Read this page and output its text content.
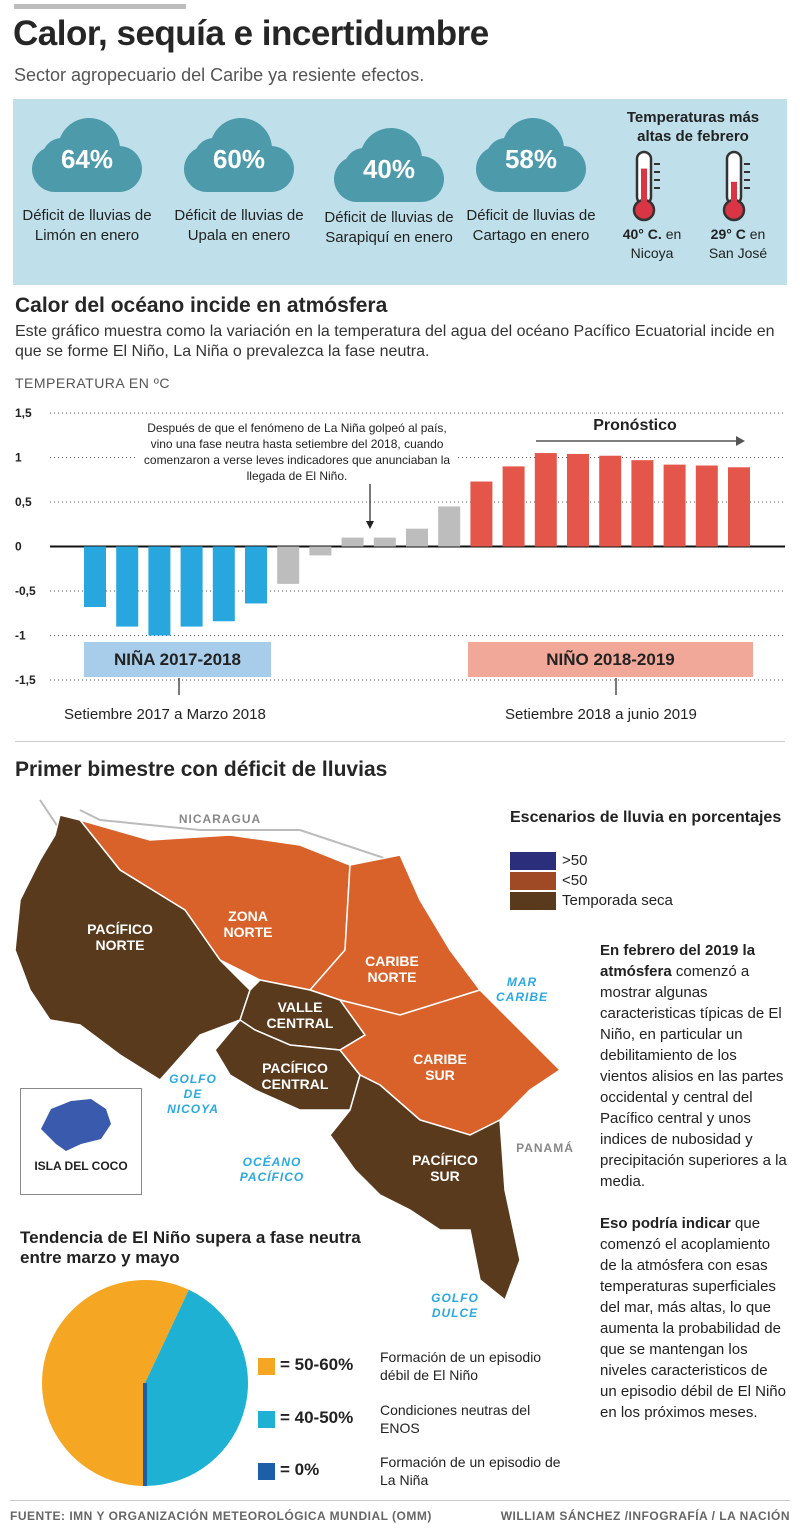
Calor, sequía e incertidumbre
Sector agropecuario del Caribe ya resiente efectos.
64%
Déficit de lluvias de Limón en enero
60%
Déficit de lluvias de Upala en enero
40%
Déficit de lluvias de Sarapiquí en enero
58%
Déficit de lluvias de Cartago en enero
Temperaturas más altas de febrero
40° C. en Nicoya
29° C en San José
Calor del océano incide en atmósfera
Este gráfico muestra como la variación en la temperatura del agua del océano Pacífico Ecuatorial incide en que se forme El Niño, La Niña o prevalezca la fase neutra.
TEMPERATURA EN ºC
1,5
1
0,5
0
-0,5
-1
-1,5
Después de que el fenómeno de La Niña golpeó al país, vino una fase neutra hasta setiembre del 2018, cuando comenzaron a verse leves indicadores que anunciaban la llegada de El Niño.
Pronóstico
NIÑA 2017-2018	NIÑO 2018-2019
Setiembre 2017 a Marzo 2018	Setiembre 2018 a junio 2019
Primer bimestre con déficit de lluvias
PACÍFICO NORTE
ZONA NORTE
CARIBE NORTE
VALLE CENTRAL
PACÍFICO CENTRAL
CARIBE SUR
PACÍFICO SUR
NICARAGUA
PANAMÁ
MAR CARIBE
GOLFO DE NICOYA
OCÉANO PACÍFICO
GOLFO DULCE
ISLA DEL COCO
Escenarios de lluvia en porcentajes
>50
<50
Temporada seca
En febrero del 2019 la atmósfera comenzó a mostrar algunas caracteristicas típicas de El Niño, en particular un debilitamiento de los vientos alisios en las partes occidental y central del Pacífico central y unos indices de nubosidad y precipitación superiores a la media.
Eso podría indicar que comenzó el acoplamiento de la atmósfera con esas temperaturas superficiales del mar, más altas, lo que aumenta la probabilidad de que se mantengan los niveles caracteristicos de un episodio débil de El Niño en los próximos meses.
Tendencia de El Niño supera a fase neutra entre marzo y mayo
= 50-60% Formación de un episodio débil de El Niño
= 40-50% Condiciones neutras del ENOS
= 0%	Formación de un episodio de La Niña
FUENTE: IMN Y ORGANIZACIÓN METEOROLÓGICA MUNDIAL (OMM)	WILLIAM SÁNCHEZ /INFOGRAFÍA / LA NACIÓN
